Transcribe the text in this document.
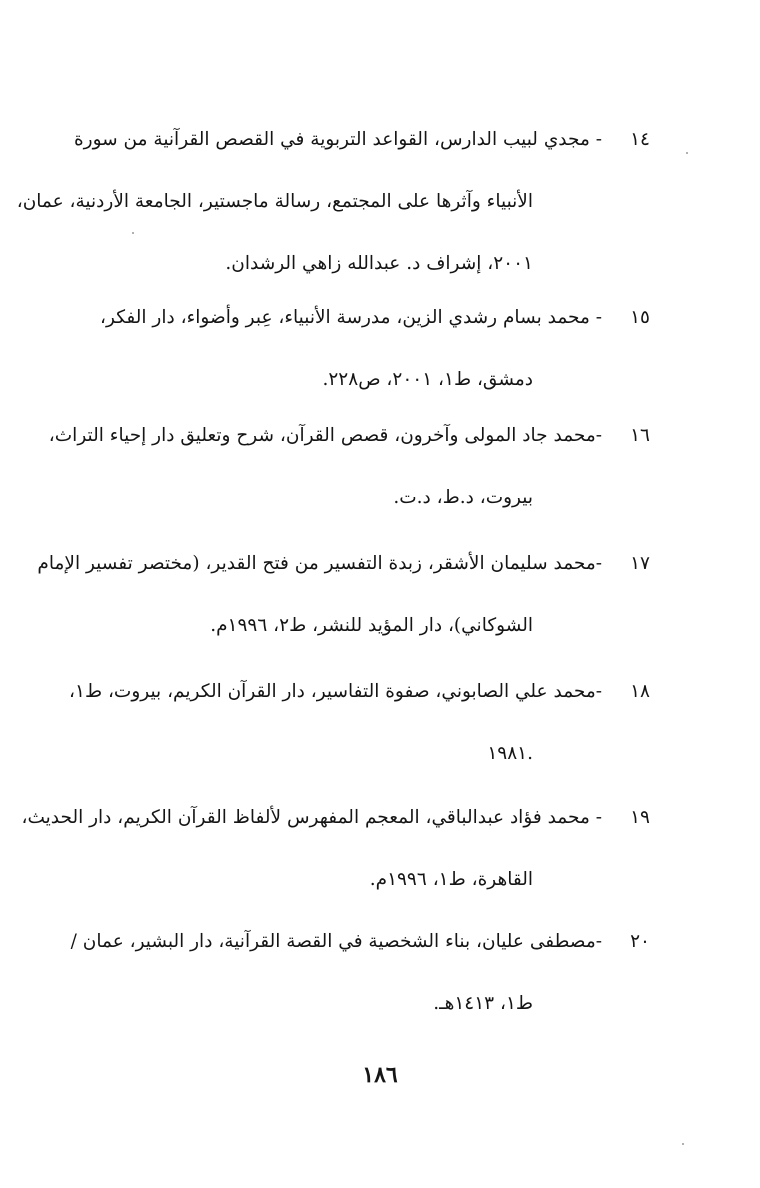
١٤
- مجدي لبيب الدارس، القواعد التربوية في القصص القرآنية من سورة
الأنبياء وآثرها على المجتمع، رسالة ماجستير، الجامعة الأردنية، عمان،
٢٠٠١، إشراف د. عبدالله زاهي الرشدان.
١٥
- محمد بسام رشدي الزين، مدرسة الأنبياء، عِبر وأضواء، دار الفكر،
دمشق، ط١، ٢٠٠١، ص٢٢٨.
١٦
-محمد جاد المولى وآخرون، قصص القرآن، شرح وتعليق دار إحياء التراث،
بيروت، د.ط، د.ت.
١٧
-محمد سليمان الأشقر، زبدة التفسير من فتح القدير، (مختصر تفسير الإمام
الشوكاني)، دار المؤيد للنشر، ط٢، ١٩٩٦م.
١٨
-محمد علي الصابوني، صفوة التفاسير، دار القرآن الكريم، بيروت، ط١،
١٩٨١.
١٩
- محمد فؤاد عبدالباقي، المعجم المفهرس لألفاظ القرآن الكريم، دار الحديث،
القاهرة، ط١، ١٩٩٦م.
٢٠
-مصطفى عليان، بناء الشخصية في القصة القرآنية، دار البشير، عمان /
ط١، ١٤١٣هـ.
١٨٦
